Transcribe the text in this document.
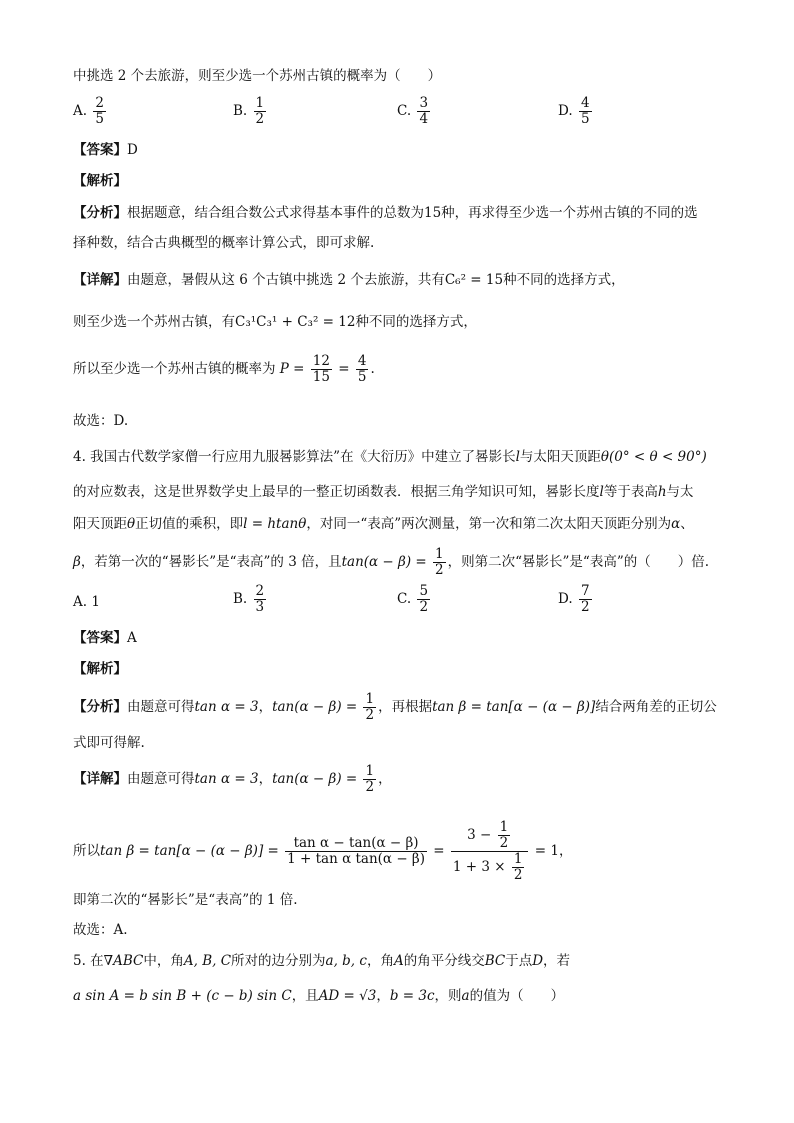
中挑选 2 个去旅游，则至少选一个苏州古镇的概率为（　　）
A. $\frac{2}{5}$	B. $\frac{1}{2}$	C. $\frac{3}{4}$	D. $\frac{4}{5}$
【答案】D
【解析】
【分析】根据题意，结合组合数公式求得基本事件的总数为15种，再求得至少选一个苏州古镇的不同的选
择种数，结合古典概型的概率计算公式，即可求解.
【详解】由题意，暑假从这 6 个古镇中挑选 2 个去旅游，共有C₆² = 15种不同的选择方式，
则至少选一个苏州古镇，有C₃¹C₃¹ + C₃² = 12种不同的选择方式，
所以至少选一个苏州古镇的概率为 $P = \frac{12}{15} = \frac{4}{5}$ .
故选：D.
4. 我国古代数学家僧一行应用九服晷影算法”在《大衍历》中建立了晷影长l与太阳天顶距θ(0° < θ < 90°)
的对应数表，这是世界数学史上最早的一整正切函数表．根据三角学知识可知，晷影长度l等于表高h与太
阳天顶距θ正切值的乘积，即l = htanθ，对同一“表高”两次测量，第一次和第二次太阳天顶距分别为α、
β，若第一次的“晷影长”是“表高”的 3 倍，且$\tan(\alpha - \beta) = \frac{1}{2}$ ，则第二次“晷影长”是“表高”的（　　）倍.
A. 1	B. $\frac{2}{3}$	C. $\frac{5}{2}$	D. $\frac{7}{2}$
【答案】A
【解析】
【分析】由题意可得tan α = 3，$\tan(\alpha - \beta) = \frac{1}{2}$ ，再根据tan β = tan[α − (α − β)]结合两角差的正切公
式即可得解.
【详解】由题意可得tan α = 3，$\tan(\alpha - \beta) = \frac{1}{2}$ ，
所以$\tan \beta = \tan[\alpha - (\alpha - \beta)] = \frac{\text{tan α − tan(α − β)}}{\text{1 + tan α tan(α − β)}} = \frac{3 - \frac{1}{2}}{1 + 3 \times \frac{1}{2}} = 1$，
即第二次的“晷影长”是“表高”的 1 倍.
故选：A.
5. 在∇ABC中，角A, B, C所对的边分别为a, b, c，角A的角平分线交BC于点D，若
a sin A = b sin B + (c − b) sin C，且AD = √3，b = 3c，则a的值为（　　）
